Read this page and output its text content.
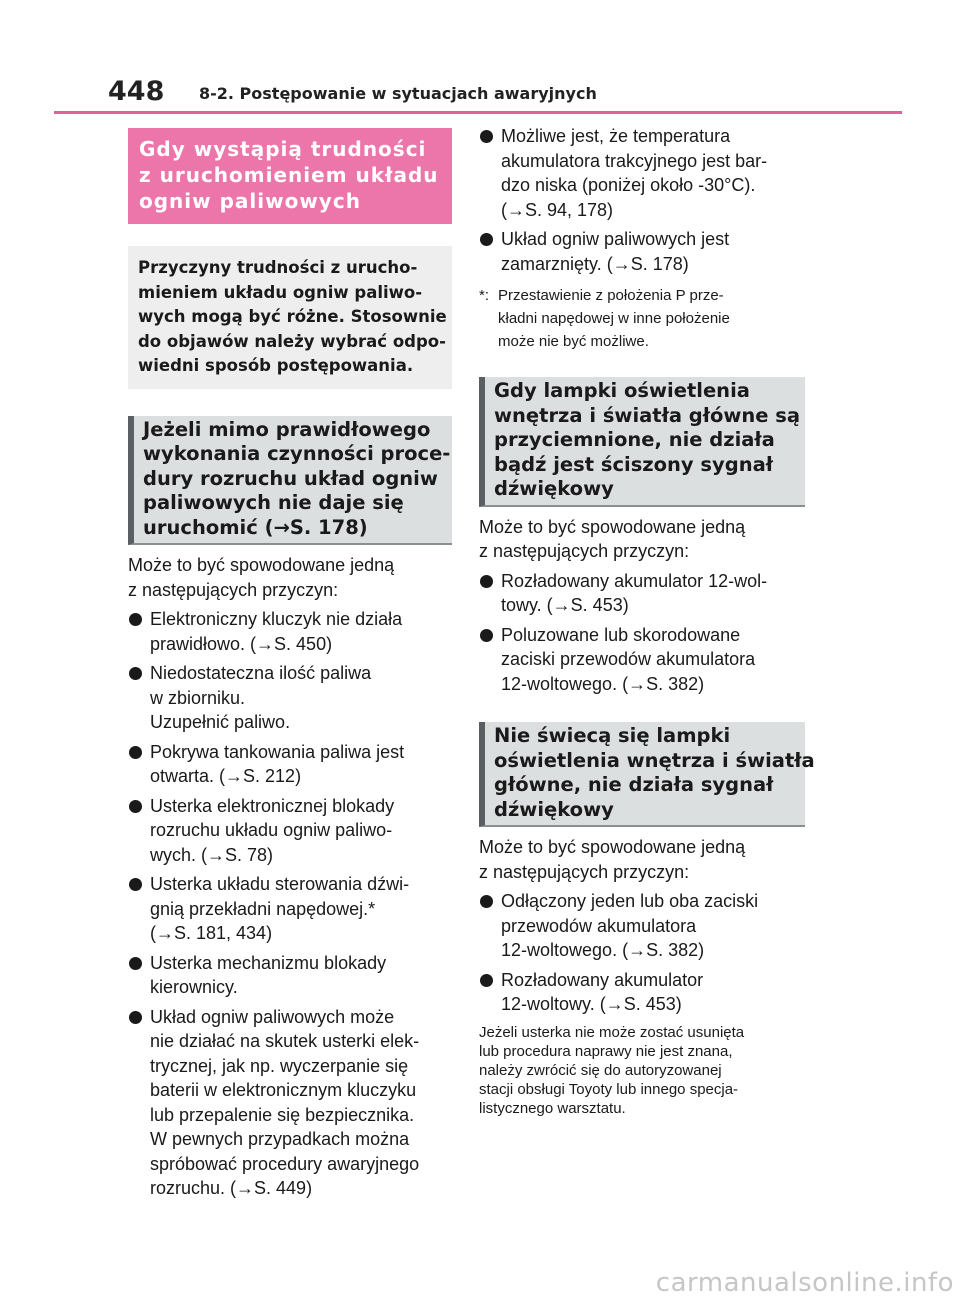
448 8-2. Postępowanie w sytuacjach awaryjnych
Gdy wystąpią trudności
z uruchomieniem układu
ogniw paliwowych
Przyczyny trudności z urucho-
mieniem układu ogniw paliwo-
wych mogą być różne. Stosownie
do objawów należy wybrać odpo-
wiedni sposób postępowania.
Jeżeli mimo prawidłowego
wykonania czynności proce-
dury rozruchu układ ogniw
paliwowych nie daje się
uruchomić (→S. 178)
Może to być spowodowane jedną
z następujących przyczyn:
Elektroniczny kluczyk nie działa
prawidłowo. (→S. 450)
Niedostateczna ilość paliwa
w zbiorniku.
Uzupełnić paliwo.
Pokrywa tankowania paliwa jest
otwarta. (→S. 212)
Usterka elektronicznej blokady
rozruchu układu ogniw paliwo-
wych. (→S. 78)
Usterka układu sterowania dźwi-
gnią przekładni napędowej.*
(→S. 181, 434)
Usterka mechanizmu blokady
kierownicy.
Układ ogniw paliwowych może
nie działać na skutek usterki elek-
trycznej, jak np. wyczerpanie się
baterii w elektronicznym kluczyku
lub przepalenie się bezpiecznika.
W pewnych przypadkach można
spróbować procedury awaryjnego
rozruchu. (→S. 449)
Możliwe jest, że temperatura
akumulatora trakcyjnego jest bar-
dzo niska (poniżej około -30°C).
(→S. 94, 178)
Układ ogniw paliwowych jest
zamarznięty. (→S. 178)
*: Przestawienie z położenia P prze-
kładni napędowej w inne położenie
może nie być możliwe.
Gdy lampki oświetlenia
wnętrza i światła główne są
przyciemnione, nie działa
bądź jest ściszony sygnał
dźwiękowy
Może to być spowodowane jedną
z następujących przyczyn:
Rozładowany akumulator 12-wol-
towy. (→S. 453)
Poluzowane lub skorodowane
zaciski przewodów akumulatora
12-woltowego. (→S. 382)
Nie świecą się lampki
oświetlenia wnętrza i światła
główne, nie działa sygnał
dźwiękowy
Może to być spowodowane jedną
z następujących przyczyn:
Odłączony jeden lub oba zaciski
przewodów akumulatora
12-woltowego. (→S. 382)
Rozładowany akumulator
12-woltowy. (→S. 453)
Jeżeli usterka nie może zostać usunięta
lub procedura naprawy nie jest znana,
należy zwrócić się do autoryzowanej
stacji obsługi Toyoty lub innego specja-
listycznego warsztatu.
carmanualsonline.info
